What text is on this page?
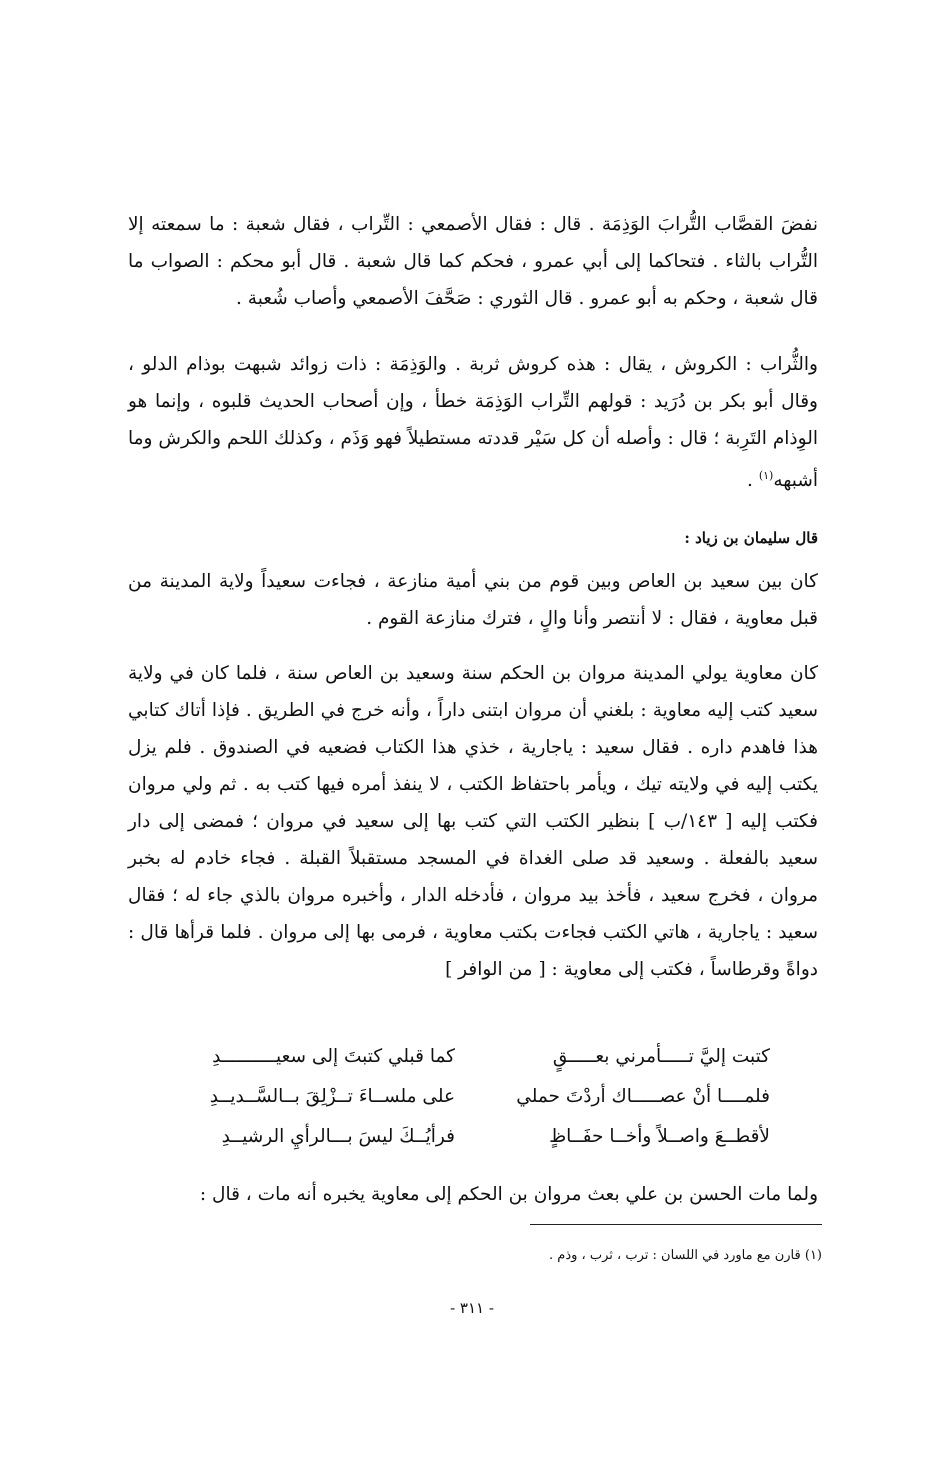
نفضَ القصَّاب التُّرابَ الوَذِمَة . قال : فقال الأصمعي : التِّراب ، فقال شعبة : ما سمعته إلا التُّراب بالثاء . فتحاكما إلى أبي عمرو ، فحكم كما قال شعبة . قال أبو محكم : الصواب ما قال شعبة ، وحكم به أبو عمرو . قال الثوري : صَحَّفَ الأصمعي وأصاب شُعبة .

والثُّراب : الكروش ، يقال : هذه كروش ثربة . والوَذِمَة : ذات زوائد شبهت بوذام الدلو ، وقال أبو بكر بن دُرَيد : قولهم التِّراب الوَذِمَة خطأ ، وإن أصحاب الحديث قلبوه ، وإنما هو الوِذام التَرِبة ؛ قال : وأصله أن كل سَيْر قددته مستطيلاً فهو وَذَم ، وكذلك اللحم والكرش وما أشبهه$^{(١)}$ .

قال سليمان بن زياد :

كان بين سعيد بن العاص وبين قوم من بني أمية منازعة ، فجاءت سعيداً ولاية المدينة من قبل معاوية ، فقال : لا أنتصر وأنا والٍ ، فترك منازعة القوم .

كان معاوية يولي المدينة مروان بن الحكم سنة وسعيد بن العاص سنة ، فلما كان في ولاية سعيد كتب إليه معاوية : بلغني أن مروان ابتنى داراً ، وأنه خرج في الطريق . فإذا أتاك كتابي هذا فاهدم داره . فقال سعيد : ياجارية ، خذي هذا الكتاب فضعيه في الصندوق . فلم يزل يكتب إليه في ولايته تيك ، ويأمر باحتفاظ الكتب ، لا ينفذ أمره فيها كتب به . ثم ولي مروان فكتب إليه [ ١٤٣/ب ] بنظير الكتب التي كتب بها إلى سعيد في مروان ؛ فمضى إلى دار سعيد بالفعلة . وسعيد قد صلى الغداة في المسجد مستقبلاً القبلة . فجاء خادم له بخبر مروان ، فخرج سعيد ، فأخذ بيد مروان ، فأدخله الدار ، وأخبره مروان بالذي جاء له ؛ فقال سعيد : ياجارية ، هاتي الكتب فجاءت بكتب معاوية ، فرمى بها إلى مروان . فلما قرأها قال : دواةً وقرطاساً ، فكتب إلى معاوية : [ من الوافر ]

كتبت إليَّ تـــــأمرني بعـــــقٍ
كما قبلي كتبتَ إلى سعيــــــــــدِ
فلمــــا أنْ عصـــــاك أردْتَ حملي
على ملســاءَ تــزْلِقَ بــالسَّــديــدِ
لأقطــعَ واصــلاً وأخــا حفَــاظٍ
فرأيُــكَ ليسَ بـــالرأيِ الرشيــدِ

ولما مات الحسن بن علي بعث مروان بن الحكم إلى معاوية يخبره أنه مات ، قال :

(١) قارن مع ماورد في اللسان : ترب ، ثرب ، وذم .
- ٣١١ -
